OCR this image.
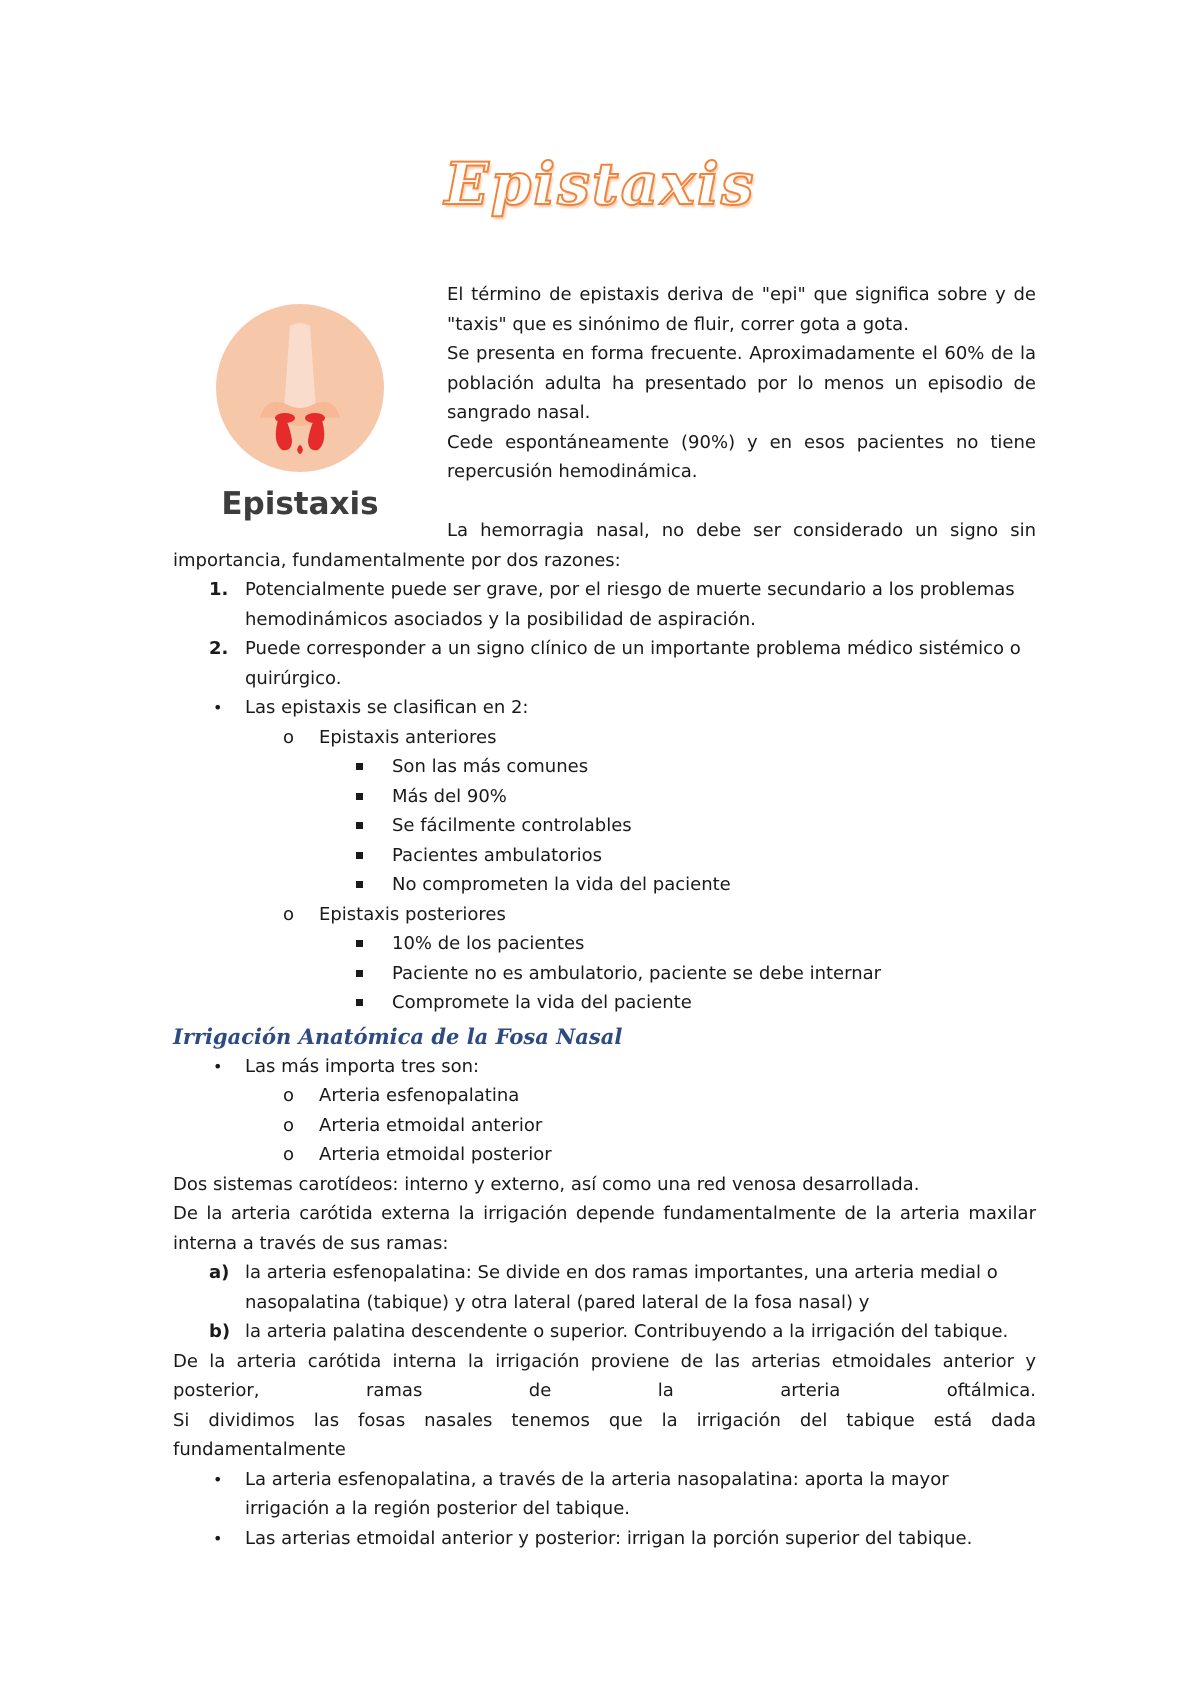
Epistaxis
Epistaxis

El término de epistaxis deriva de "epi" que significa sobre y de "taxis" que es sinónimo de fluir, correr gota a gota.

Se presenta en forma frecuente. Aproximadamente el 60% de la población adulta ha presentado por lo menos un episodio de sangrado nasal.

Cede espontáneamente (90%) y en esos pacientes no tiene repercusión hemodinámica.

La hemorragia nasal, no debe ser considerado un signo sin importancia, fundamentalmente por dos razones:

1. Potencialmente puede ser grave, por el riesgo de muerte secundario a los problemas hemodinámicos asociados y la posibilidad de aspiración.
2. Puede corresponder a un signo clínico de un importante problema médico sistémico o quirúrgico.
• Las epistaxis se clasifican en 2:
o Epistaxis anteriores
Son las más comunes
Más del 90%
Se fácilmente controlables
Pacientes ambulatorios
No comprometen la vida del paciente
o Epistaxis posteriores
10% de los pacientes
Paciente no es ambulatorio, paciente se debe internar
Compromete la vida del paciente
Irrigación Anatómica de la Fosa Nasal
• Las más importa tres son:
o Arteria esfenopalatina
o Arteria etmoidal anterior
o Arteria etmoidal posterior

Dos sistemas carotídeos: interno y externo, así como una red venosa desarrollada.

De la arteria carótida externa la irrigación depende fundamentalmente de la arteria maxilar interna a través de sus ramas:

a) la arteria esfenopalatina: Se divide en dos ramas importantes, una arteria medial o nasopalatina (tabique) y otra lateral (pared lateral de la fosa nasal) y
b) la arteria palatina descendente o superior. Contribuyendo a la irrigación del tabique.

De la arteria carótida interna la irrigación proviene de las arterias etmoidales anterior y posterior, ramas de la arteria oftálmica.

Si dividimos las fosas nasales tenemos que la irrigación del tabique está dada fundamentalmente

• La arteria esfenopalatina, a través de la arteria nasopalatina: aporta la mayor irrigación a la región posterior del tabique.
• Las arterias etmoidal anterior y posterior: irrigan la porción superior del tabique.
